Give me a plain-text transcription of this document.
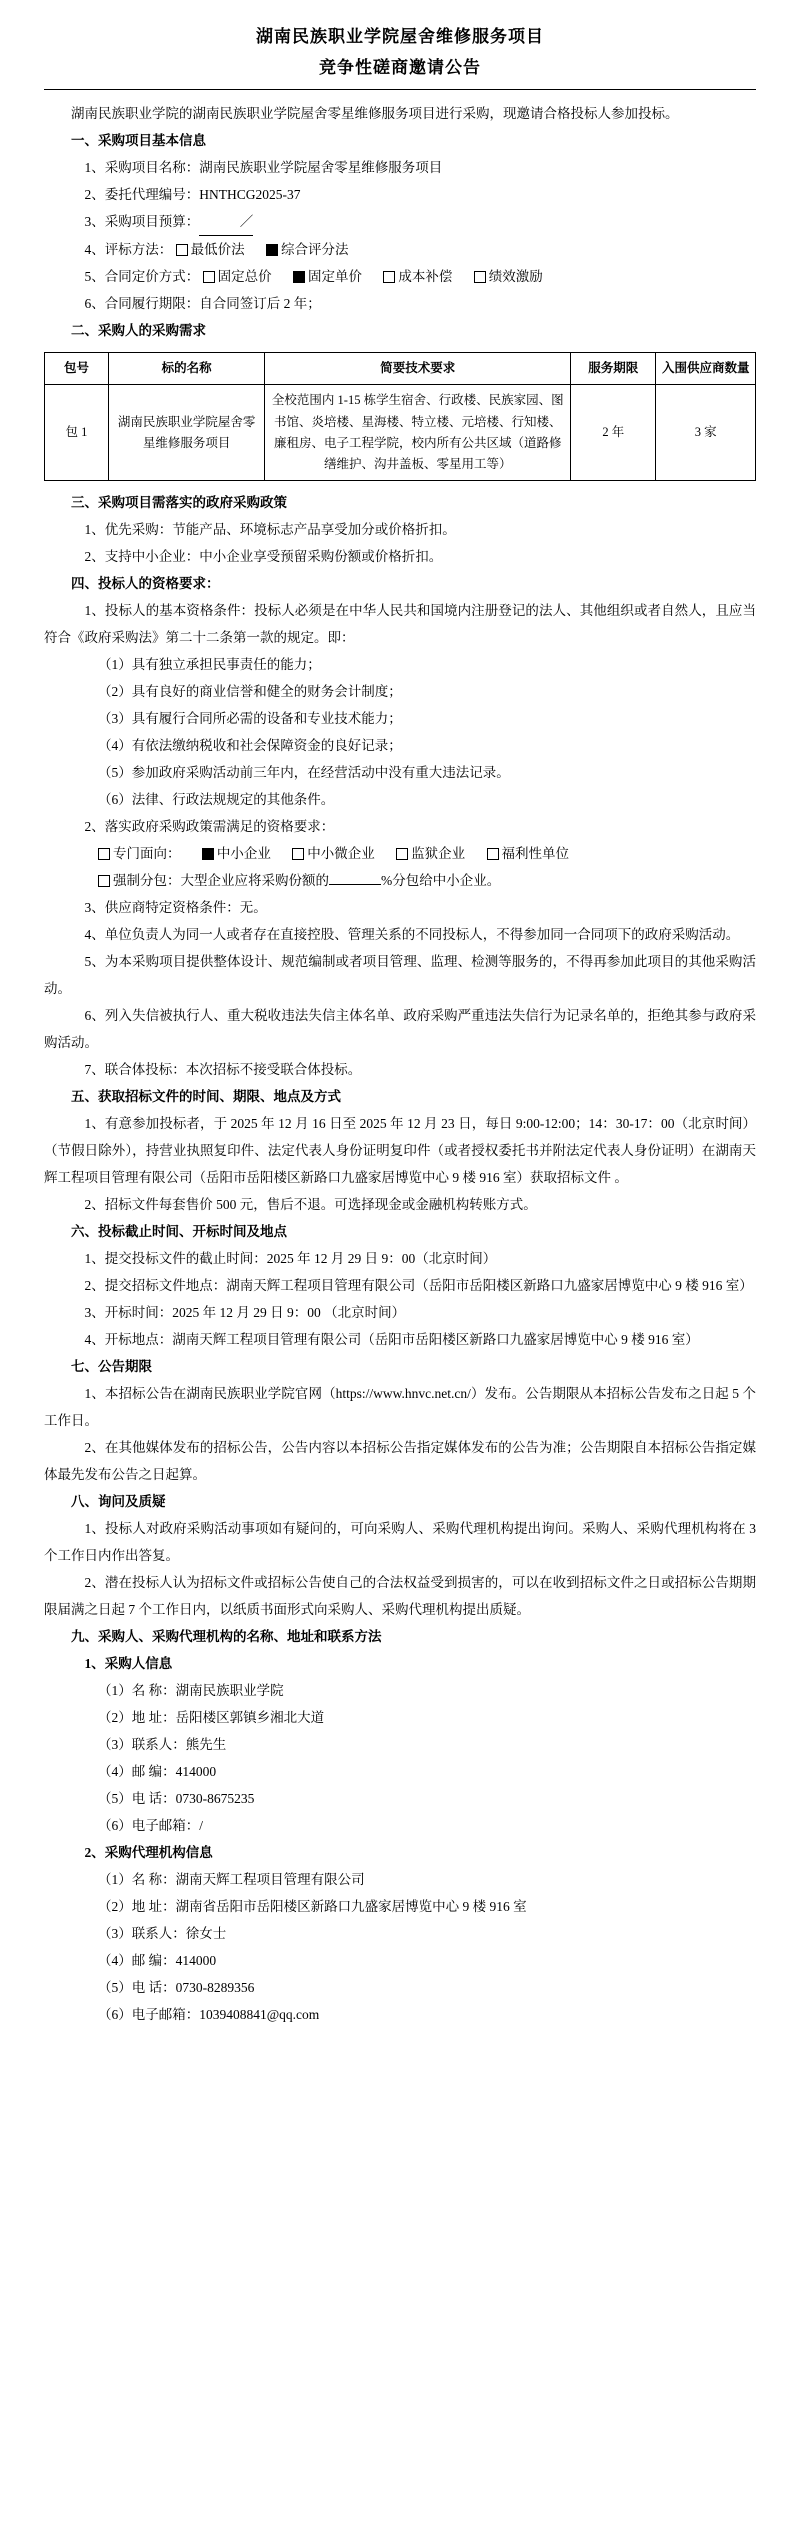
湖南民族职业学院屋舍维修服务项目
竞争性磋商邀请公告

湖南民族职业学院的湖南民族职业学院屋舍零星维修服务项目进行采购，现邀请合格投标人参加投标。

一、采购项目基本信息

1、采购项目名称：湖南民族职业学院屋舍零星维修服务项目

2、委托代理编号：HNTHCG2025-37

3、采购项目预算：	／

4、评标方法： 最低价法	综合评分法

5、合同定价方式： 固定总价	固定单价	成本补偿	绩效激励

6、合同履行期限：自合同签订后 2 年；

二、采购人的采购需求

包号	标的名称	简要技术要求	服务期限	入围供应商数量
包 1	湖南民族职业学院屋舍零星维修服务项目	全校范围内 1-15 栋学生宿舍、行政楼、民族家园、图书馆、炎培楼、星海楼、特立楼、元培楼、行知楼、廉租房、电子工程学院，校内所有公共区域（道路修缮维护、沟井盖板、零星用工等）	2 年	3 家

三、采购项目需落实的政府采购政策

1、优先采购：节能产品、环境标志产品享受加分或价格折扣。

2、支持中小企业：中小企业享受预留采购份额或价格折扣。

四、投标人的资格要求：

1、投标人的基本资格条件：投标人必须是在中华人民共和国境内注册登记的法人、其他组织或者自然人，且应当符合《政府采购法》第二十二条第一款的规定。即：

（1）具有独立承担民事责任的能力；

（2）具有良好的商业信誉和健全的财务会计制度；

（3）具有履行合同所必需的设备和专业技术能力；

（4）有依法缴纳税收和社会保障资金的良好记录；

（5）参加政府采购活动前三年内，在经营活动中没有重大违法记录。

（6）法律、行政法规规定的其他条件。

2、落实政府采购政策需满足的资格要求：

专门面向：	中小企业	中小微企业	监狱企业	福利性单位

强制分包：大型企业应将采购份额的	%分包给中小企业。

3、供应商特定资格条件：无。

4、单位负责人为同一人或者存在直接控股、管理关系的不同投标人，不得参加同一合同项下的政府采购活动。

5、为本采购项目提供整体设计、规范编制或者项目管理、监理、检测等服务的，不得再参加此项目的其他采购活动。

6、列入失信被执行人、重大税收违法失信主体名单、政府采购严重违法失信行为记录名单的，拒绝其参与政府采购活动。

7、联合体投标：本次招标不接受联合体投标。

五、获取招标文件的时间、期限、地点及方式

1、有意参加投标者，于 2025 年 12 月 16 日至 2025 年 12 月 23 日，每日 9:00-12:00；14：30-17：00（北京时间）（节假日除外），持营业执照复印件、法定代表人身份证明复印件（或者授权委托书并附法定代表人身份证明）在湖南天辉工程项目管理有限公司（岳阳市岳阳楼区新路口九盛家居博览中心 9 楼 916 室）获取招标文件 。

2、招标文件每套售价 500 元，售后不退。可选择现金或金融机构转账方式。

六、投标截止时间、开标时间及地点

1、提交投标文件的截止时间：2025 年 12 月 29 日 9：00（北京时间）

2、提交招标文件地点：湖南天辉工程项目管理有限公司（岳阳市岳阳楼区新路口九盛家居博览中心 9 楼 916 室）

3、开标时间：2025 年 12 月 29 日 9：00 （北京时间）

4、开标地点：湖南天辉工程项目管理有限公司（岳阳市岳阳楼区新路口九盛家居博览中心 9 楼 916 室）

七、公告期限

1、本招标公告在湖南民族职业学院官网（https://www.hnvc.net.cn/）发布。公告期限从本招标公告发布之日起 5 个工作日。

2、在其他媒体发布的招标公告，公告内容以本招标公告指定媒体发布的公告为准；公告期限自本招标公告指定媒体最先发布公告之日起算。

八、询问及质疑

1、投标人对政府采购活动事项如有疑问的，可向采购人、采购代理机构提出询问。采购人、采购代理机构将在 3 个工作日内作出答复。

2、潜在投标人认为招标文件或招标公告使自己的合法权益受到损害的，可以在收到招标文件之日或招标公告期期限届满之日起 7 个工作日内，以纸质书面形式向采购人、采购代理机构提出质疑。

九、采购人、采购代理机构的名称、地址和联系方法

1、采购人信息

（1）名 称：湖南民族职业学院

（2）地 址：岳阳楼区郭镇乡湘北大道

（3）联系人：熊先生

（4）邮 编：414000

（5）电 话：0730-8675235

（6）电子邮箱：/

2、采购代理机构信息

（1）名 称：湖南天辉工程项目管理有限公司

（2）地 址：湖南省岳阳市岳阳楼区新路口九盛家居博览中心 9 楼 916 室

（3）联系人：徐女士

（4）邮 编：414000

（5）电 话：0730-8289356

（6）电子邮箱：1039408841@qq.com
